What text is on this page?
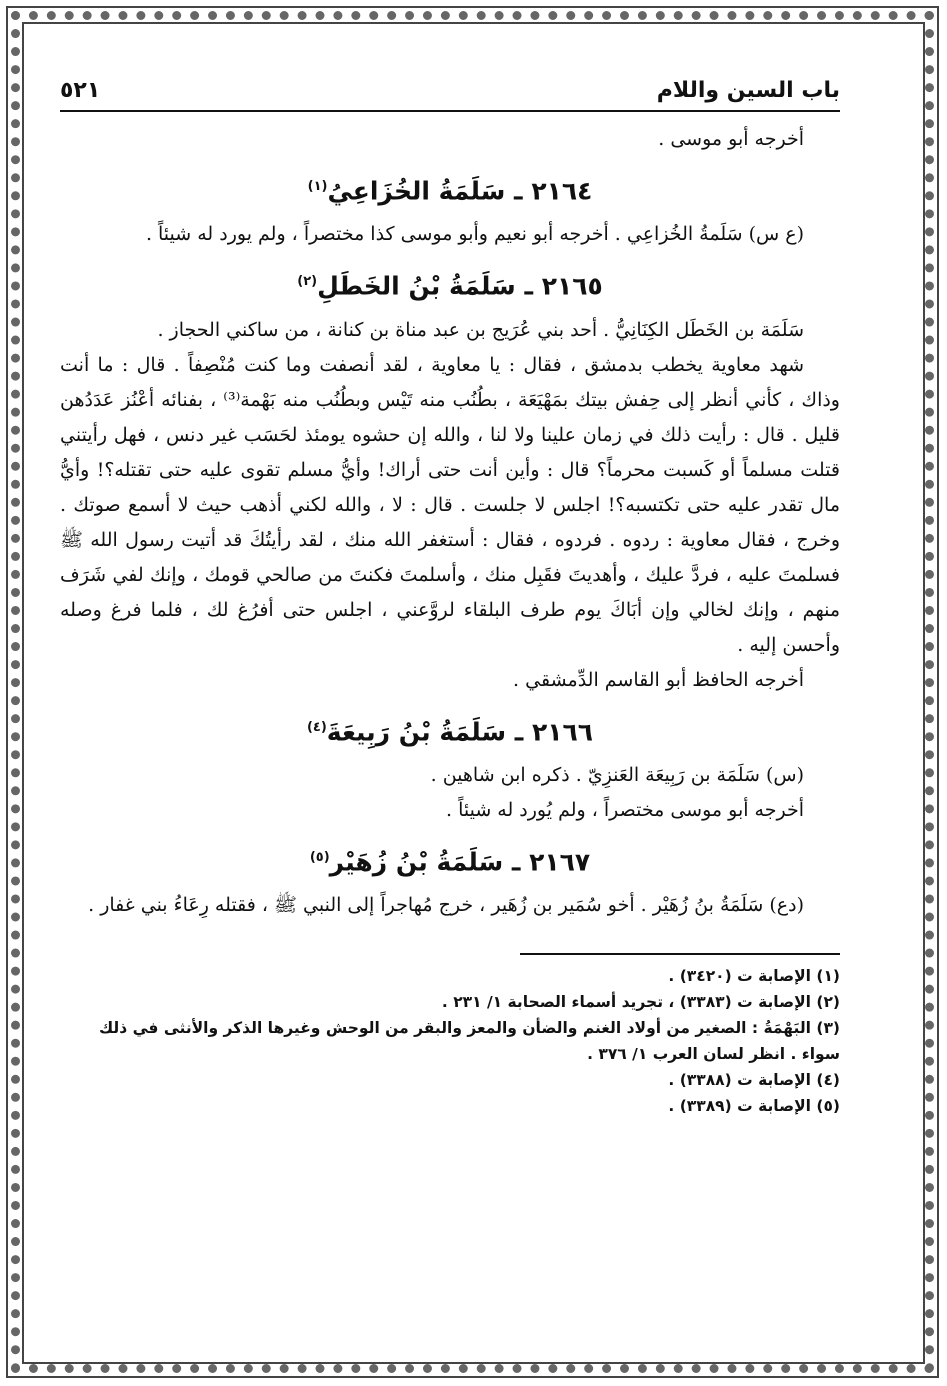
باب السين واللام
٥٢١

أخرجه أبو موسى .

٢١٦٤ ـ سَلَمَةُ الخُزَاعِيُ$^{(١)}$

(ع س) سَلَمةُ الخُزاعِي . أخرجه أبو نعيم وأبو موسى كذا مختصراً ، ولم يورد له شيئاً .

٢١٦٥ ـ سَلَمَةُ بْنُ الخَطَلِ$^{(٢)}$

سَلَمَة بن الخَطَل الكِنَانِيُّ . أحد بني عُرَيج بن عبد مناة بن كنانة ، من ساكني الحجاز .

شهد معاوية يخطب بدمشق ، فقال : يا معاوية ، لقد أنصفت وما كنت مُنْصِفاً . قال : ما أنت وذاك ، كأني أنظر إلى حِفش بيتك بمَهْيَعَة ، بطُنُب منه تَيْس وبطُنُب منه بَهْمة⁽³⁾ ، بفنائه أعْنُز عَدَدُهن قليل . قال : رأيت ذلك في زمان علينا ولا لنا ، والله إن حشوه يومئذ لحَسَب غير دنس ، فهل رأيتني قتلت مسلماً أو كَسبت محرماً؟ قال : وأين أنت حتى أراك! وأيُّ مسلم تقوى عليه حتى تقتله؟! وأيُّ مال تقدر عليه حتى تكتسبه؟! اجلس لا جلست . قال : لا ، والله لكني أذهب حيث لا أسمع صوتك . وخرج ، فقال معاوية : ردوه . فردوه ، فقال : أستغفر الله منك ، لقد رأيتُكَ قد أتيت رسول الله ﷺ فسلمتَ عليه ، فردَّ عليك ، وأهديتَ فقَبِل منك ، وأسلمتَ فكنتَ من صالحي قومك ، وإنك لفي شَرَف منهم ، وإنك لخالي وإن أبَاكَ يوم طرف البلقاء لروَّعني ، اجلس حتى أفرُغ لك ، فلما فرغ وصله وأحسن إليه .

أخرجه الحافظ أبو القاسم الدِّمشقي .

٢١٦٦ ـ سَلَمَةُ بْنُ رَبِيعَةَ$^{(٤)}$

(س) سَلَمَة بن رَبِيعَة العَنزِيّ . ذكره ابن شاهين .

أخرجه أبو موسى مختصراً ، ولم يُورد له شيئاً .

٢١٦٧ ـ سَلَمَةُ بْنُ زُهَيْر$^{(٥)}$

(دع) سَلَمَةُ بنُ زُهَيْر . أخو سُمَير بن زُهَير ، خرج مُهاجراً إلى النبي ﷺ ، فقتله رِعَاءُ بني غفار .

(١) الإصابة ت (٣٤٢٠) .

(٢) الإصابة ت (٣٣٨٣) ، تجريد أسماء الصحابة ١/ ٢٣١ .

(٣) البَهْمَةُ : الصغير من أولاد الغنم والضأن والمعز والبقر من الوحش وغيرها الذكر والأنثى في ذلك سواء . انظر لسان العرب ١/ ٣٧٦ .

(٤) الإصابة ت (٣٣٨٨) .

(٥) الإصابة ت (٣٣٨٩) .
